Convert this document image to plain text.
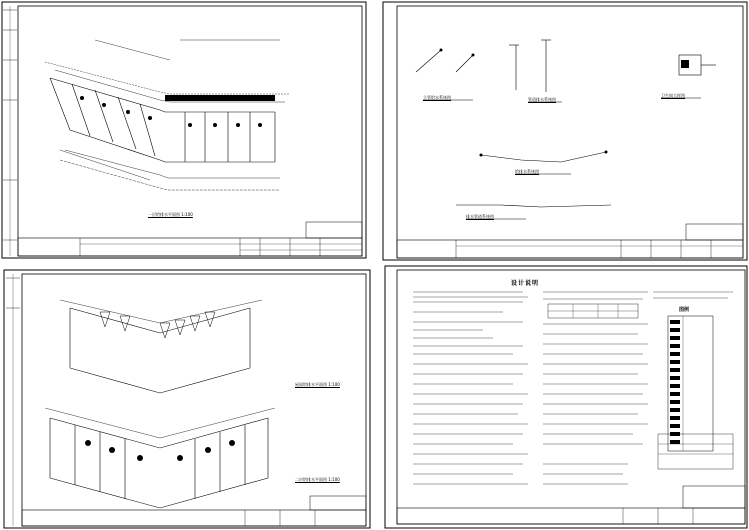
一层给排水平面图 1:100
立管给水系统图	管道排水系统图
卫生间大样图
给排水系统图
排水管道系统图
屋面给排水平面图 1:100
二层给排水平面图 1:100
设计说明
图例
